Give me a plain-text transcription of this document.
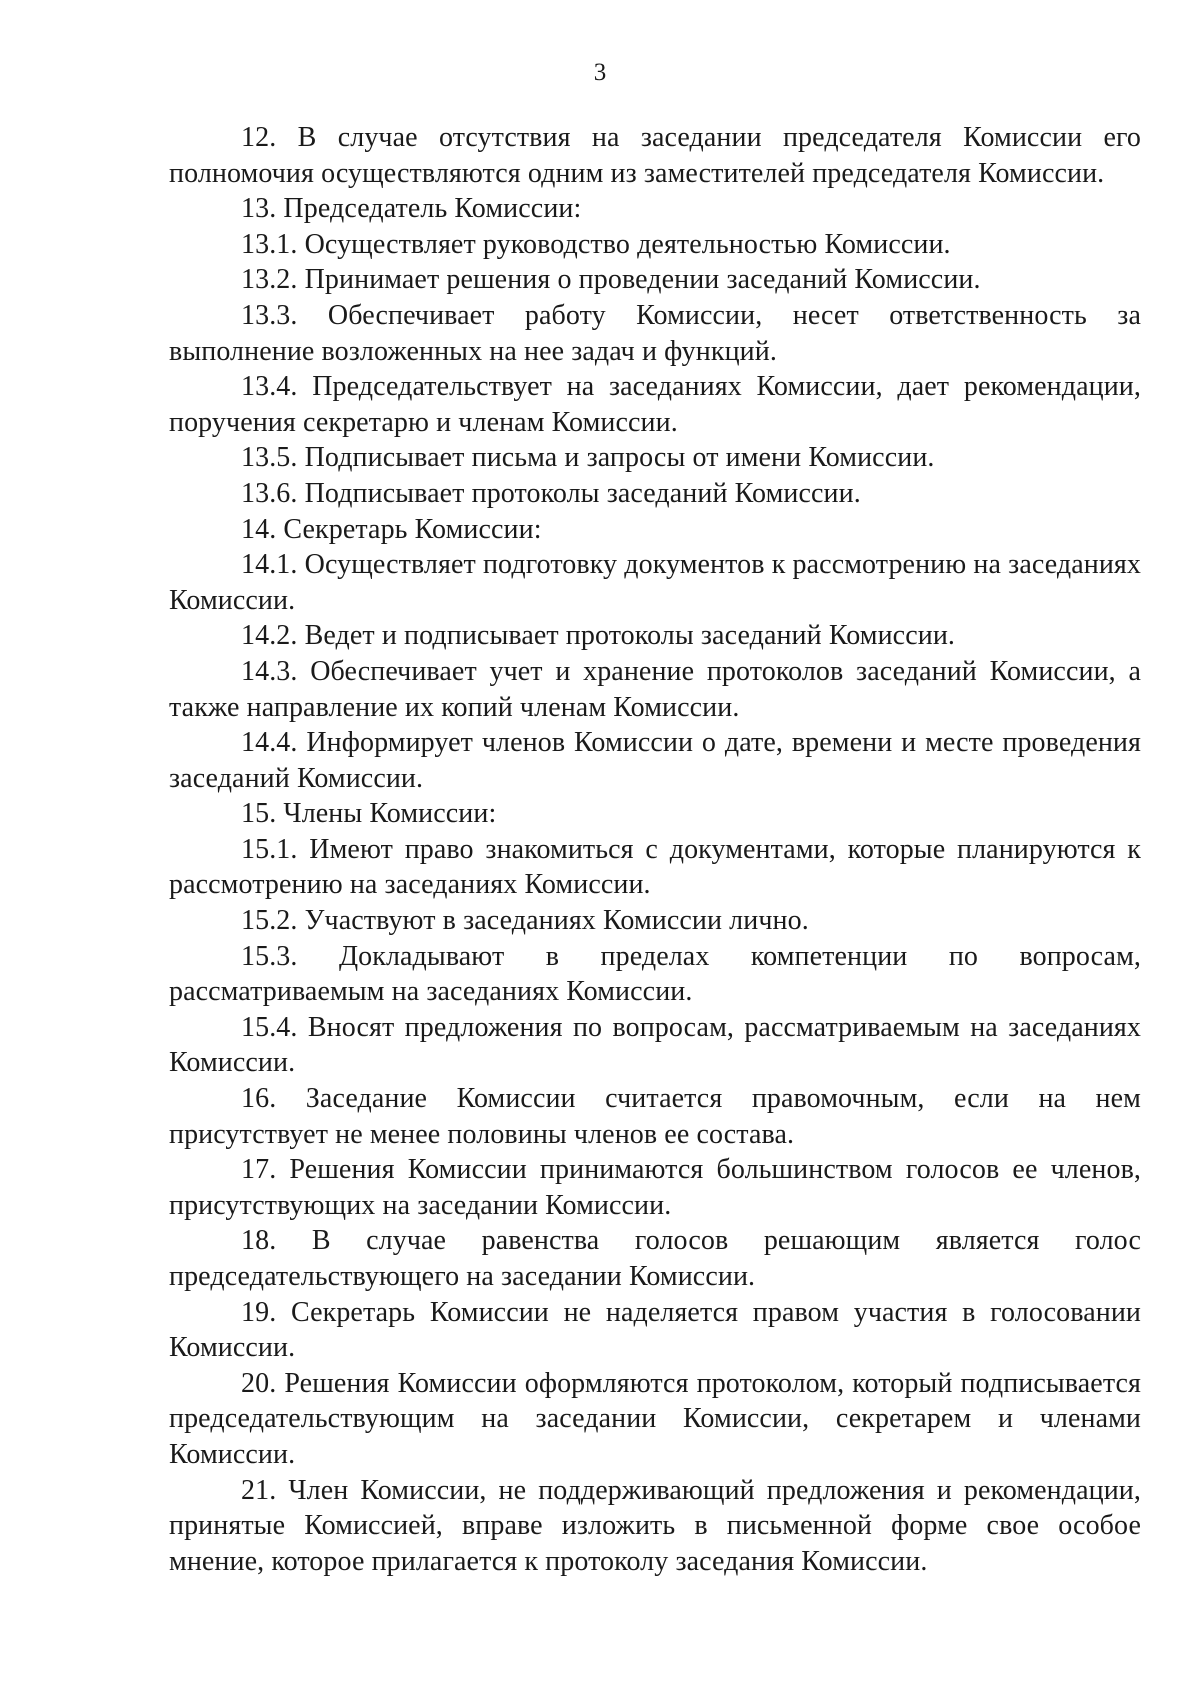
3

12. В случае отсутствия на заседании председателя Комиссии его полномочия осуществляются одним из заместителей председателя Комиссии.

13. Председатель Комиссии:

13.1. Осуществляет руководство деятельностью Комиссии.

13.2. Принимает решения о проведении заседаний Комиссии.

13.3. Обеспечивает работу Комиссии, несет ответственность за выполнение возложенных на нее задач и функций.

13.4. Председательствует на заседаниях Комиссии, дает рекомендации, поручения секретарю и членам Комиссии.

13.5. Подписывает письма и запросы от имени Комиссии.

13.6. Подписывает протоколы заседаний Комиссии.

14. Секретарь Комиссии:

14.1. Осуществляет подготовку документов к рассмотрению на заседаниях Комиссии.

14.2. Ведет и подписывает протоколы заседаний Комиссии.

14.3. Обеспечивает учет и хранение протоколов заседаний Комиссии, а также направление их копий членам Комиссии.

14.4. Информирует членов Комиссии о дате, времени и месте проведения заседаний Комиссии.

15. Члены Комиссии:

15.1. Имеют право знакомиться с документами, которые планируются к рассмотрению на заседаниях Комиссии.

15.2. Участвуют в заседаниях Комиссии лично.

15.3. Докладывают в пределах компетенции по вопросам, рассматриваемым на заседаниях Комиссии.

15.4. Вносят предложения по вопросам, рассматриваемым на заседаниях Комиссии.

16. Заседание Комиссии считается правомочным, если на нем присутствует не менее половины членов ее состава.

17. Решения Комиссии принимаются большинством голосов ее членов, присутствующих на заседании Комиссии.

18. В случае равенства голосов решающим является голос председательствующего на заседании Комиссии.

19. Секретарь Комиссии не наделяется правом участия в голосовании Комиссии.

20. Решения Комиссии оформляются протоколом, который подписывается председательствующим на заседании Комиссии, секретарем и членами Комиссии.

21. Член Комиссии, не поддерживающий предложения и рекомендации, принятые Комиссией, вправе изложить в письменной форме свое особое мнение, которое прилагается к протоколу заседания Комиссии.
